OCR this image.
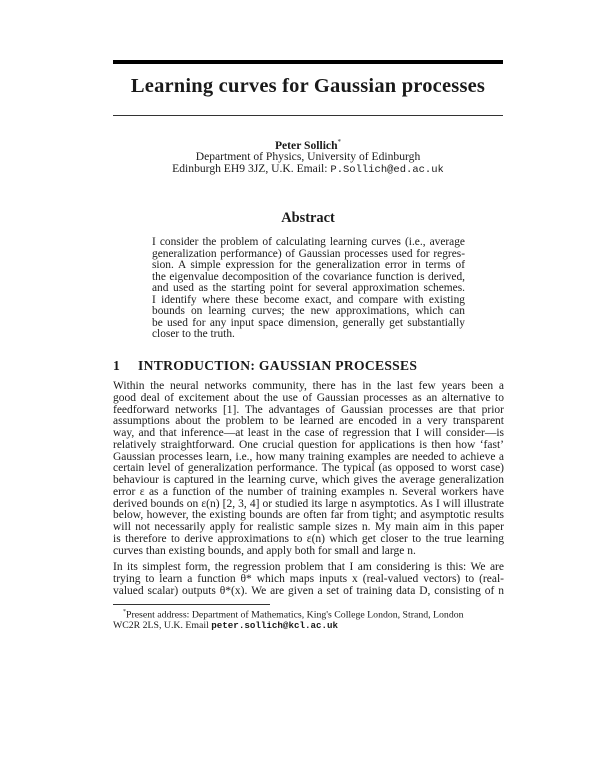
Learning curves for Gaussian processes
Peter Sollich*
Department of Physics, University of Edinburgh
Edinburgh EH9 3JZ, U.K. Email: P.Sollich@ed.ac.uk
Abstract
I consider the problem of calculating learning curves (i.e., average
generalization performance) of Gaussian processes used for regres-
sion. A simple expression for the generalization error in terms of
the eigenvalue decomposition of the covariance function is derived,
and used as the starting point for several approximation schemes.
I identify where these become exact, and compare with existing
bounds on learning curves; the new approximations, which can
be used for any input space dimension, generally get substantially
closer to the truth.
1 INTRODUCTION: GAUSSIAN PROCESSES
Within the neural networks community, there has in the last few years been a
good deal of excitement about the use of Gaussian processes as an alternative to
feedforward networks [1]. The advantages of Gaussian processes are that prior
assumptions about the problem to be learned are encoded in a very transparent
way, and that inference—at least in the case of regression that I will consider—is
relatively straightforward. One crucial question for applications is then how ‘fast’
Gaussian processes learn, i.e., how many training examples are needed to achieve a
certain level of generalization performance. The typical (as opposed to worst case)
behaviour is captured in the learning curve, which gives the average generalization
error ε as a function of the number of training examples n. Several workers have
derived bounds on ε(n) [2, 3, 4] or studied its large n asymptotics. As I will illustrate
below, however, the existing bounds are often far from tight; and asymptotic results
will not necessarily apply for realistic sample sizes n. My main aim in this paper
is therefore to derive approximations to ε(n) which get closer to the true learning
curves than existing bounds, and apply both for small and large n.
In its simplest form, the regression problem that I am considering is this: We are
trying to learn a function θ* which maps inputs x (real-valued vectors) to (real-
valued scalar) outputs θ*(x). We are given a set of training data D, consisting of n
*Present address: Department of Mathematics, King's College London, Strand, London
WC2R 2LS, U.K. Email peter.sollich@kcl.ac.uk
